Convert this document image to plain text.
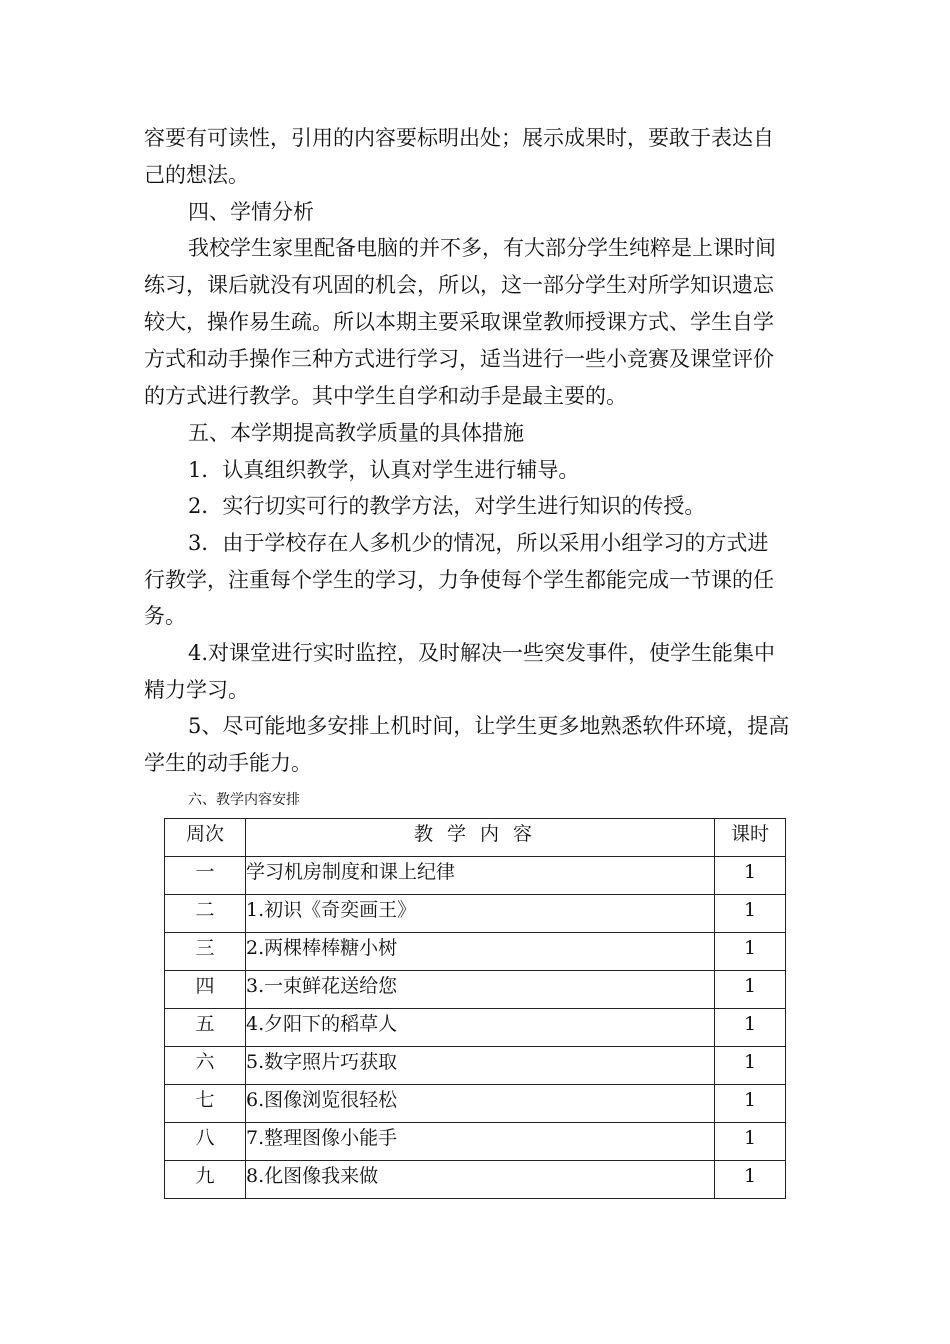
容要有可读性，引用的内容要标明出处；展示成果时，要敢于表达自
己的想法。
四、学情分析
我校学生家里配备电脑的并不多，有大部分学生纯粹是上课时间
练习，课后就没有巩固的机会，所以，这一部分学生对所学知识遗忘
较大，操作易生疏。所以本期主要采取课堂教师授课方式、学生自学
方式和动手操作三种方式进行学习，适当进行一些小竞赛及课堂评价
的方式进行教学。其中学生自学和动手是最主要的。
五、本学期提高教学质量的具体措施
1．认真组织教学，认真对学生进行辅导。
2．实行切实可行的教学方法，对学生进行知识的传授。
3．由于学校存在人多机少的情况，所以采用小组学习的方式进
行教学，注重每个学生的学习，力争使每个学生都能完成一节课的任
务。
4.对课堂进行实时监控，及时解决一些突发事件，使学生能集中
精力学习。
5、尽可能地多安排上机时间，让学生更多地熟悉软件环境，提高
学生的动手能力。
六、教学内容安排
周次	教学内容	课时
一	学习机房制度和课上纪律	1
二	1.初识《奇奕画王》	1
三	2.两棵棒棒糖小树	1
四	3.一束鲜花送给您	1
五	4.夕阳下的稻草人	1
六	5.数字照片巧获取	1
七	6.图像浏览很轻松	1
八	7.整理图像小能手	1
九	8.化图像我来做	1
